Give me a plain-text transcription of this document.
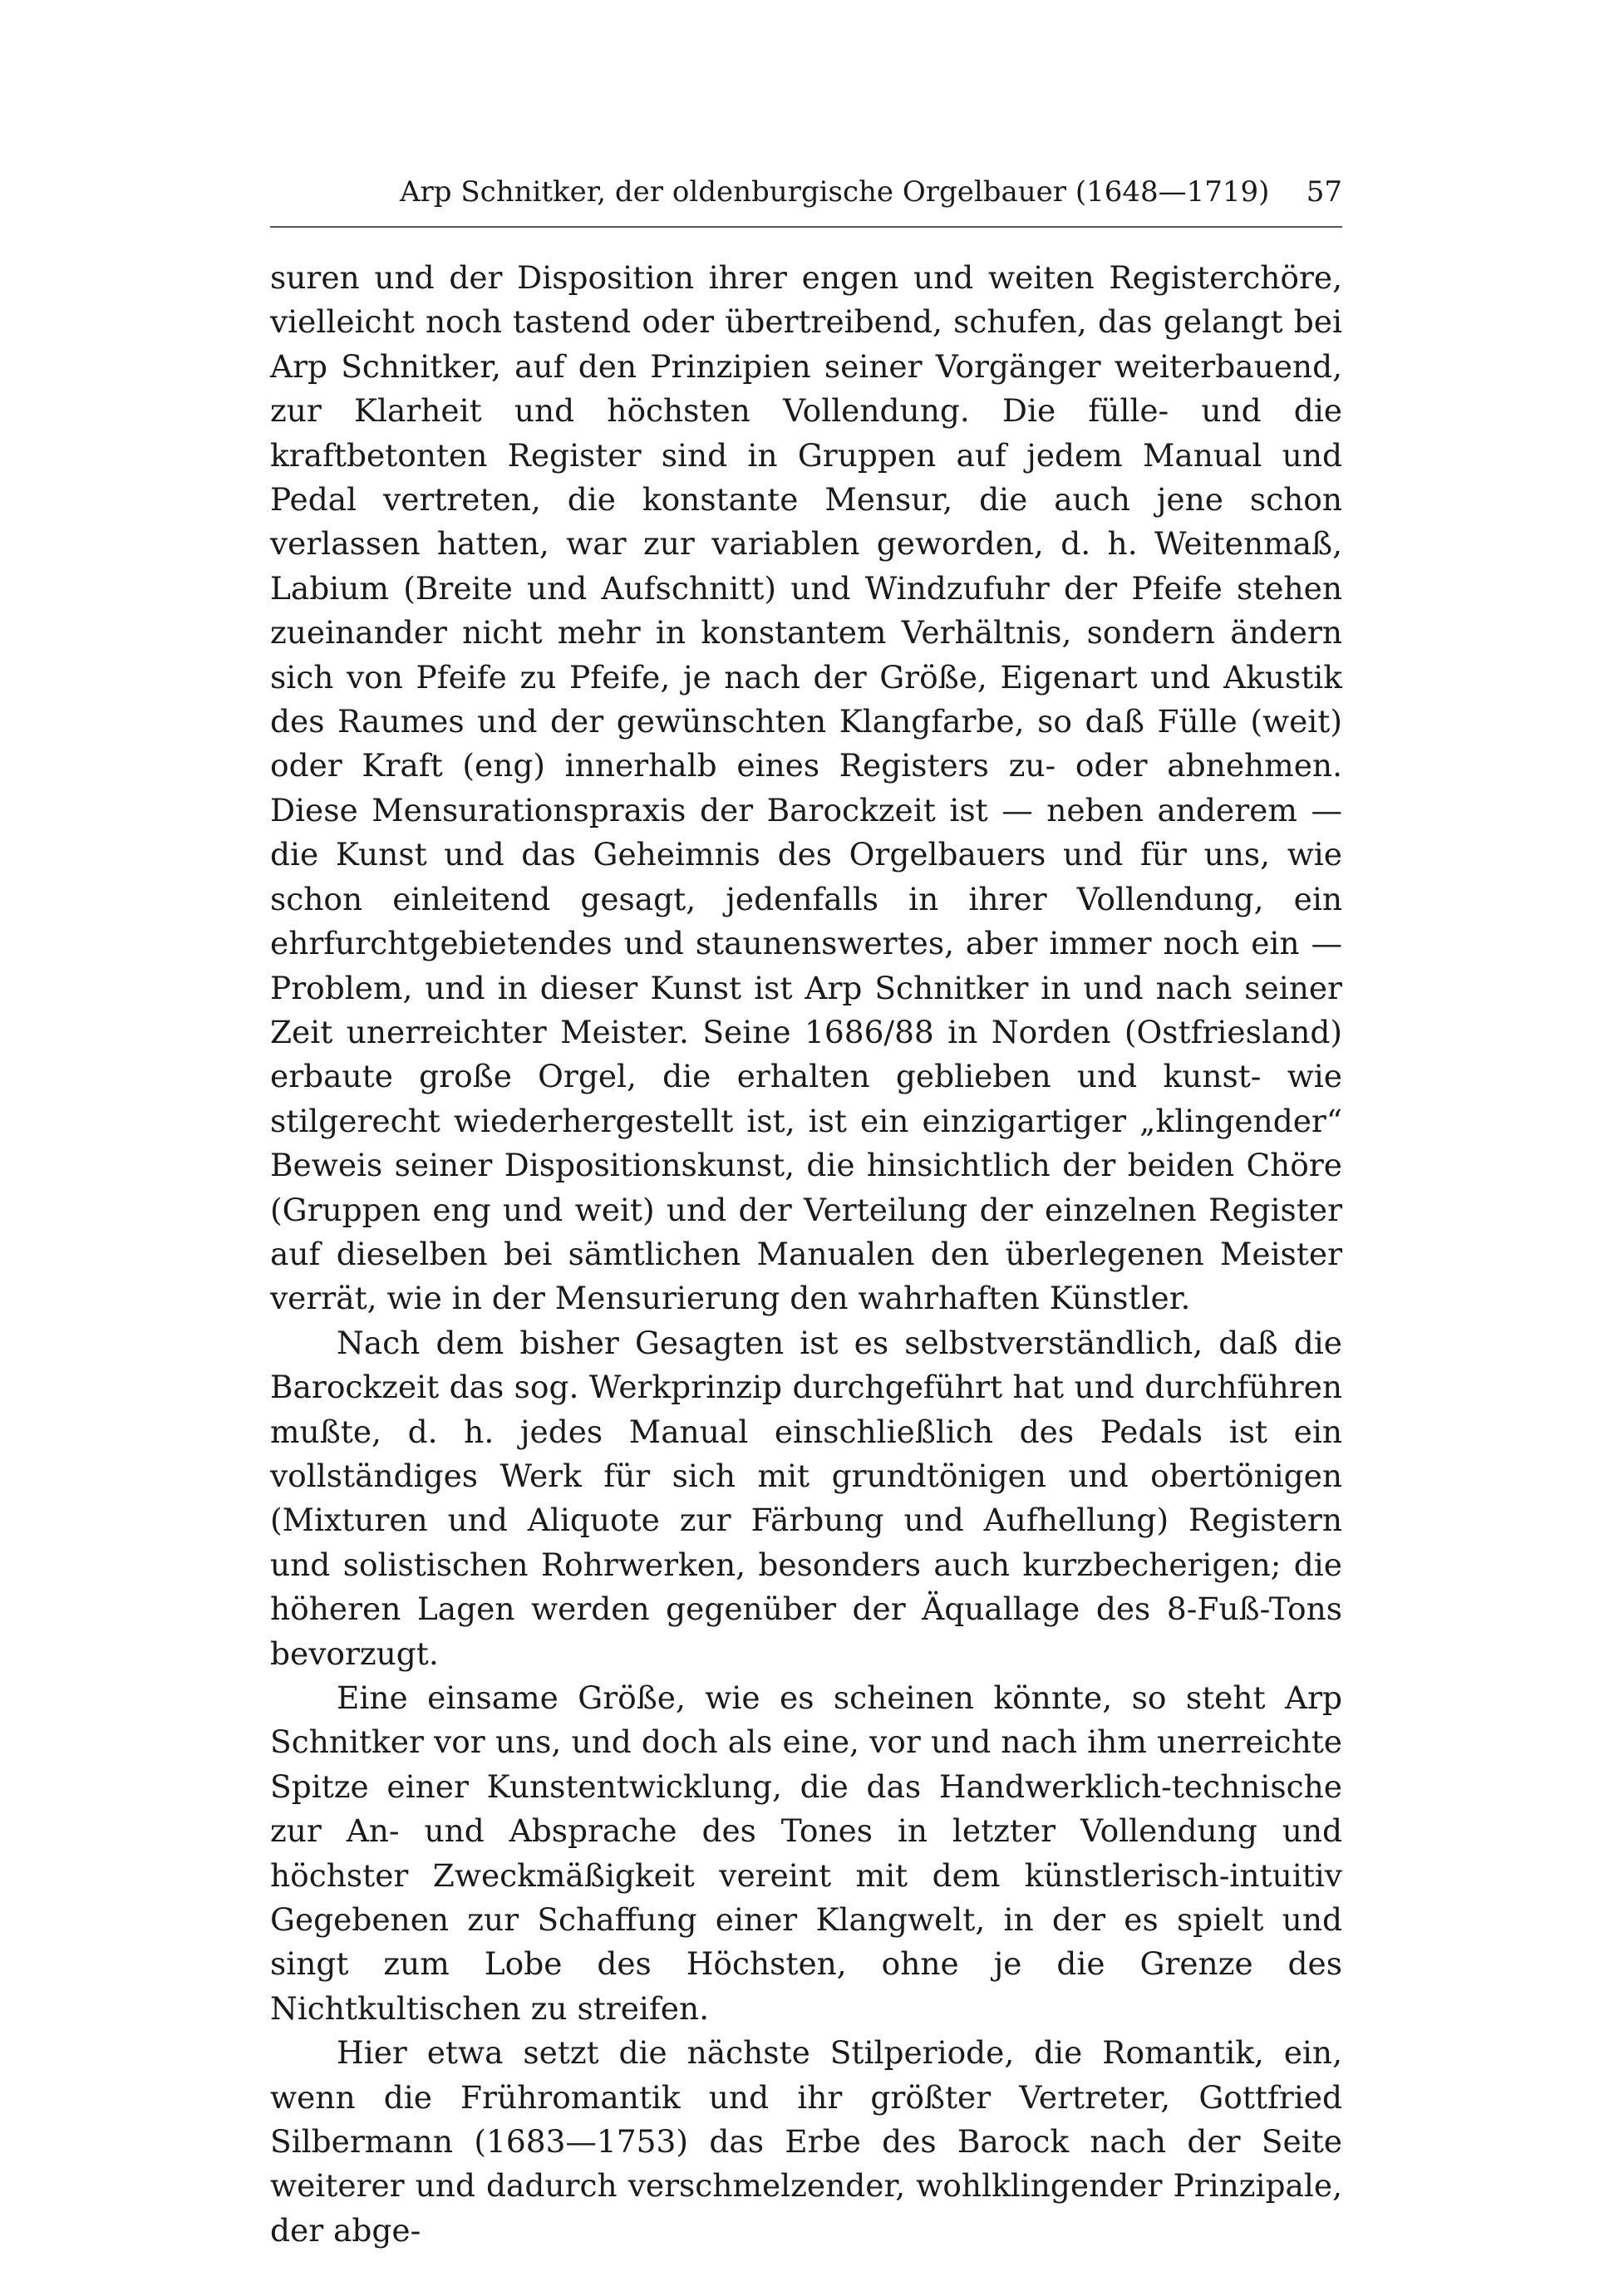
Arp Schnitker, der oldenburgische Orgelbauer (1648—1719) 57

suren und der Disposition ihrer engen und weiten Registerchöre, vielleicht noch tastend oder übertreibend, schufen, das gelangt bei Arp Schnitker, auf den Prinzipien seiner Vorgänger weiterbauend, zur Klarheit und höchsten Vollendung. Die fülle- und die kraftbetonten Register sind in Gruppen auf jedem Manual und Pedal vertreten, die konstante Mensur, die auch jene schon verlassen hatten, war zur variablen geworden, d. h. Weitenmaß, Labium (Breite und Aufschnitt) und Windzufuhr der Pfeife stehen zueinander nicht mehr in konstantem Verhältnis, sondern ändern sich von Pfeife zu Pfeife, je nach der Größe, Eigenart und Akustik des Raumes und der gewünschten Klangfarbe, so daß Fülle (weit) oder Kraft (eng) innerhalb eines Registers zu- oder abnehmen. Diese Mensurationspraxis der Barockzeit ist — neben anderem — die Kunst und das Geheimnis des Orgelbauers und für uns, wie schon einleitend gesagt, jedenfalls in ihrer Vollendung, ein ehrfurchtgebietendes und staunenswertes, aber immer noch ein — Problem, und in dieser Kunst ist Arp Schnitker in und nach seiner Zeit unerreichter Meister. Seine 1686/88 in Norden (Ostfriesland) erbaute große Orgel, die erhalten geblieben und kunst- wie stilgerecht wiederhergestellt ist, ist ein einzigartiger „klingender“ Beweis seiner Dispositionskunst, die hinsichtlich der beiden Chöre (Gruppen eng und weit) und der Verteilung der einzelnen Register auf dieselben bei sämtlichen Manualen den überlegenen Meister verrät, wie in der Mensurierung den wahrhaften Künstler.

Nach dem bisher Gesagten ist es selbstverständlich, daß die Barockzeit das sog. Werkprinzip durchgeführt hat und durchführen mußte, d. h. jedes Manual einschließlich des Pedals ist ein vollständiges Werk für sich mit grundtönigen und obertönigen (Mixturen und Aliquote zur Färbung und Aufhellung) Registern und solistischen Rohrwerken, besonders auch kurzbecherigen; die höheren Lagen werden gegenüber der Äquallage des 8-Fuß-Tons bevorzugt.

Eine einsame Größe, wie es scheinen könnte, so steht Arp Schnitker vor uns, und doch als eine, vor und nach ihm unerreichte Spitze einer Kunstentwicklung, die das Handwerklich-technische zur An- und Absprache des Tones in letzter Vollendung und höchster Zweckmäßigkeit vereint mit dem künstlerisch-intuitiv Gegebenen zur Schaffung einer Klangwelt, in der es spielt und singt zum Lobe des Höchsten, ohne je die Grenze des Nichtkultischen zu streifen.

Hier etwa setzt die nächste Stilperiode, die Romantik, ein, wenn die Frühromantik und ihr größter Vertreter, Gottfried Silbermann (1683—1753) das Erbe des Barock nach der Seite weiterer und dadurch verschmelzender, wohlklingender Prinzipale, der abge-
